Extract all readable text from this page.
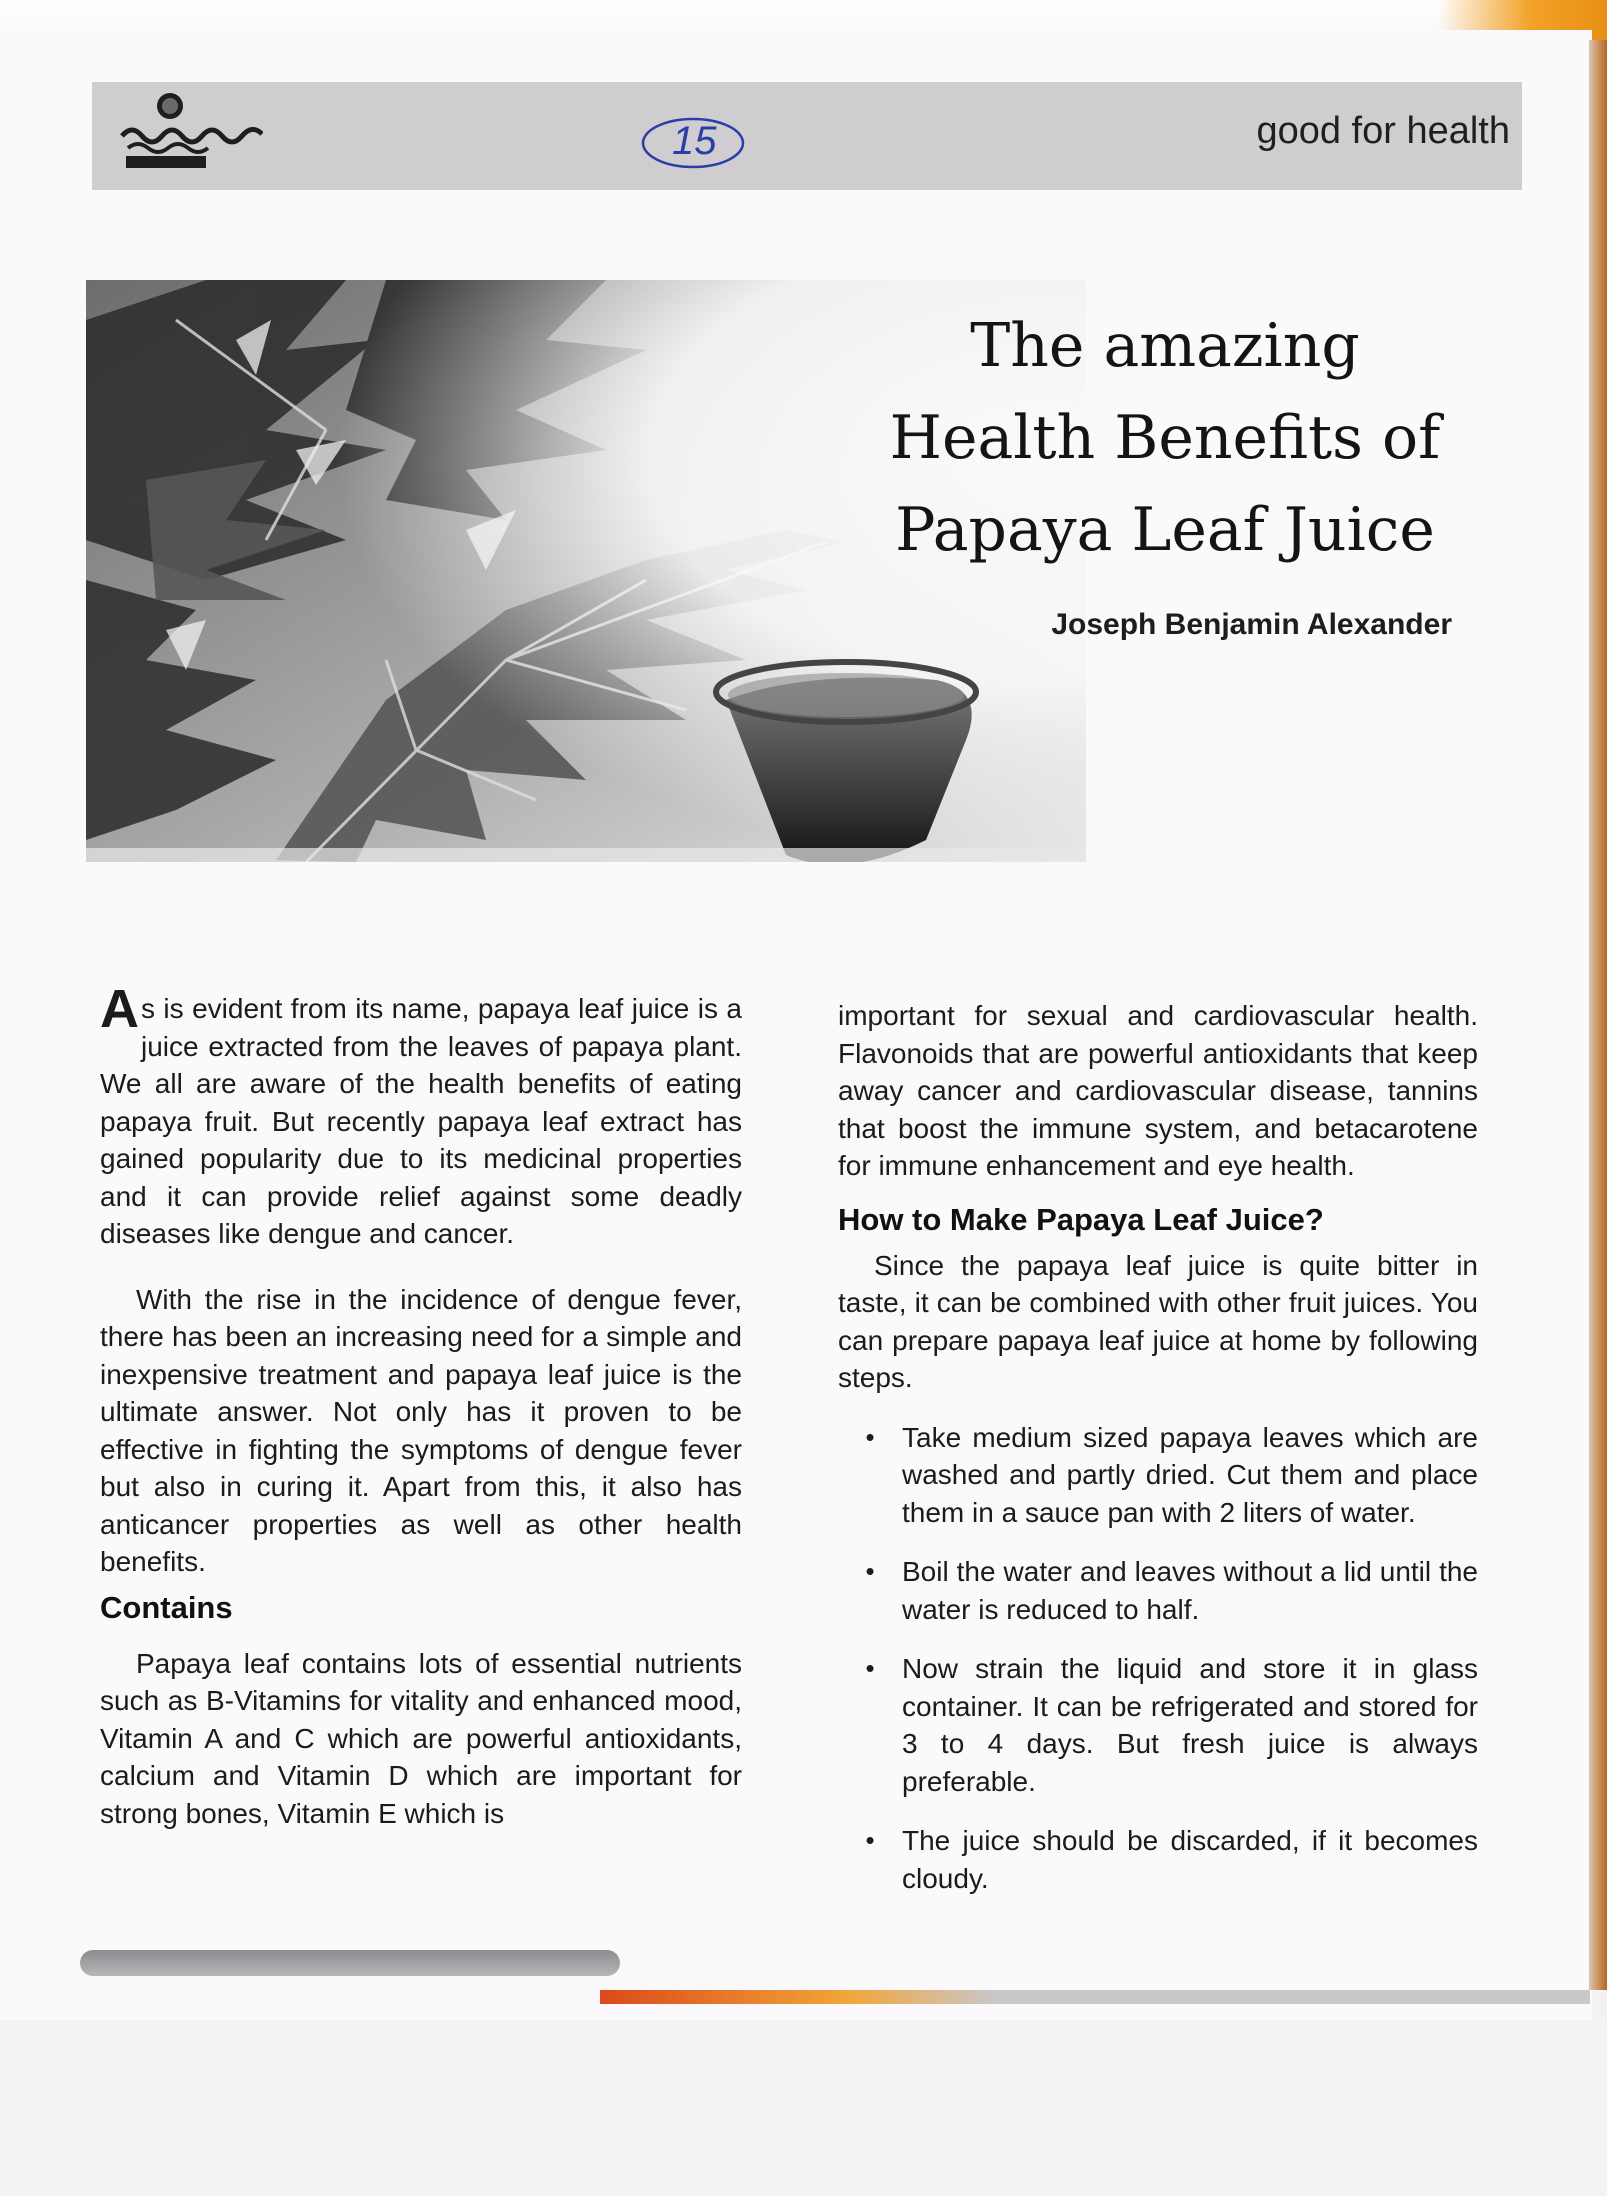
good for health
15
The amazing
Health Benefits of
Papaya Leaf Juice
Joseph Benjamin Alexander

As is evident from its name, papaya leaf juice is a juice extracted from the leaves of papaya plant. We all are aware of the health benefits of eating papaya fruit. But recently papaya leaf extract has gained popularity due to its medicinal properties and it can provide relief against some deadly diseases like dengue and cancer.

With the rise in the incidence of dengue fever, there has been an increasing need for a simple and inexpensive treatment and papaya leaf juice is the ultimate answer. Not only has it proven to be effective in fighting the symptoms of dengue fever but also in curing it. Apart from this, it also has anticancer properties as well as other health benefits.

Contains

Papaya leaf contains lots of essential nutrients such as B-Vitamins for vitality and enhanced mood, Vitamin A and C which are powerful antioxidants, calcium and Vitamin D which are important for strong bones, Vitamin E which is

important for sexual and cardiovascular health. Flavonoids that are powerful antioxidants that keep away cancer and cardiovascular disease, tannins that boost the immune system, and betacarotene for immune enhancement and eye health.

How to Make Papaya Leaf Juice?

Since the papaya leaf juice is quite bitter in taste, it can be combined with other fruit juices. You can prepare papaya leaf juice at home by following steps.

• Take medium sized papaya leaves which are washed and partly dried. Cut them and place them in a sauce pan with 2 liters of water.
• Boil the water and leaves without a lid until the water is reduced to half.
• Now strain the liquid and store it in glass container. It can be refrigerated and stored for 3 to 4 days. But fresh juice is always preferable.
• The juice should be discarded, if it becomes cloudy.
